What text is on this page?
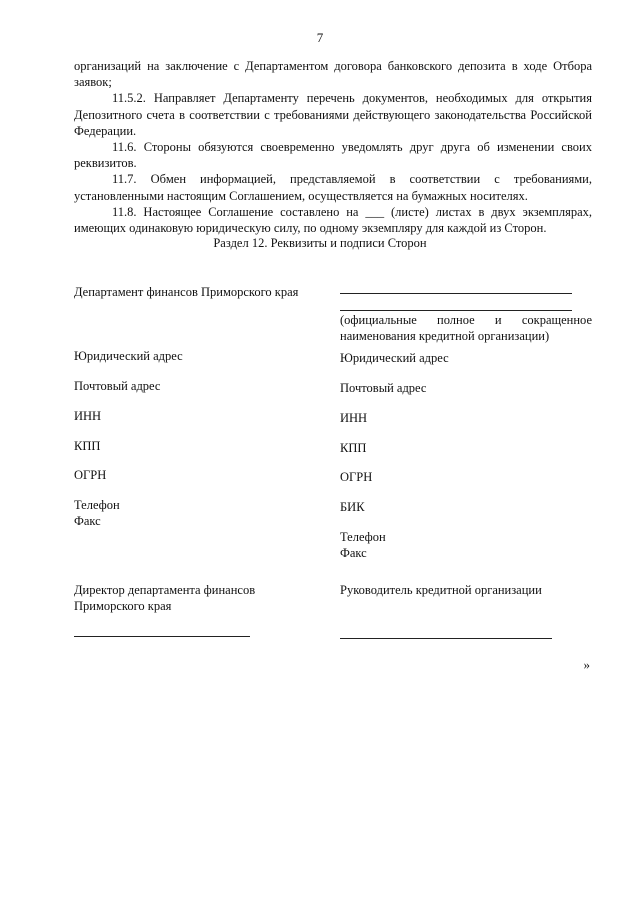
7

организаций на заключение с Департаментом договора банковского депозита в ходе Отбора заявок;

11.5.2. Направляет Департаменту перечень документов, необходимых для открытия Депозитного счета в соответствии с требованиями действующего законодательства Российской Федерации.

11.6. Стороны обязуются своевременно уведомлять друг друга об изменении своих реквизитов.

11.7. Обмен информацией, представляемой в соответствии с требованиями, установленными настоящим Соглашением, осуществляется на бумажных носителях.

11.8. Настоящее Соглашение составлено на ___ (листе) листах в двух экземплярах, имеющих одинаковую юридическую силу, по одному экземпляру для каждой из Сторон.

Раздел 12. Реквизиты и подписи Сторон
Департамент финансов Приморского края
Юридический адрес
Почтовый адрес
ИНН
КПП
ОГРН
Телефон
Факс
Директор департамента финансов
Приморского края
(официальные полное и сокращенное
наименования кредитной организации)
Юридический адрес
Почтовый адрес
ИНН
КПП
ОГРН
БИК
Телефон
Факс
Руководитель кредитной организации
»
